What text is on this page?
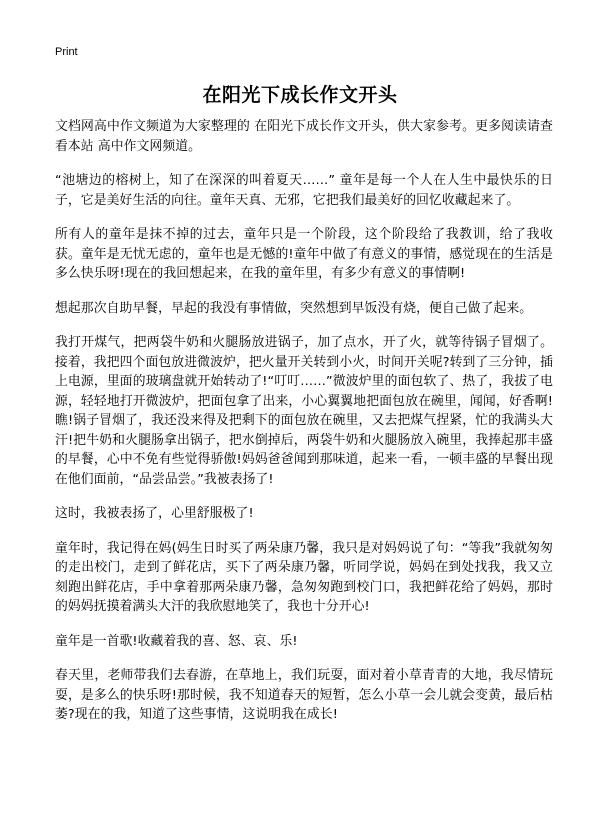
Print
在阳光下成长作文开头

文档网高中作文频道为大家整理的 在阳光下成长作文开头，供大家参考。更多阅读请查看本站 高中作文网频道。

“池塘边的榕树上，知了在深深的叫着夏天……” 童年是每一个人在人生中最快乐的日子，它是美好生活的向往。童年天真、无邪，它把我们最美好的回忆收藏起来了。

所有人的童年是抹不掉的过去，童年只是一个阶段，这个阶段给了我教训，给了我收获。童年是无忧无虑的，童年也是无憾的!童年中做了有意义的事情，感觉现在的生活是多么快乐呀!现在的我回想起来，在我的童年里，有多少有意义的事情啊!

想起那次自助早餐，早起的我没有事情做，突然想到早饭没有烧，便自己做了起来。

我打开煤气，把两袋牛奶和火腿肠放进锅子，加了点水，开了火，就等待锅子冒烟了。接着，我把四个面包放进微波炉，把火量开关转到小火，时间开关呢?转到了三分钟，插上电源，里面的玻璃盘就开始转动了!“叮叮……”微波炉里的面包软了、热了，我拔了电源，轻轻地打开微波炉，把面包拿了出来，小心翼翼地把面包放在碗里，闻闻，好香啊!瞧!锅子冒烟了，我还没来得及把剩下的面包放在碗里，又去把煤气捏紧，忙的我满头大汗!把牛奶和火腿肠拿出锅子，把水倒掉后，两袋牛奶和火腿肠放入碗里，我捧起那丰盛的早餐，心中不免有些觉得骄傲!妈妈爸爸闻到那味道，起来一看，一顿丰盛的早餐出现在他们面前，“品尝品尝。”我被表扬了!

这时，我被表扬了，心里舒服极了!

童年时，我记得在妈(妈生日时买了两朵康乃馨，我只是对妈妈说了句：“等我”我就匆匆的走出校门，走到了鲜花店，买下了两朵康乃馨，听同学说，妈妈在到处找我，我又立刻跑出鲜花店，手中拿着那两朵康乃馨，急匆匆跑到校门口，我把鲜花给了妈妈，那时的妈妈抚摸着满头大汗的我欣慰地笑了，我也十分开心!

童年是一首歌!收藏着我的喜、怒、哀、乐!

春天里，老师带我们去春游，在草地上，我们玩耍，面对着小草青青的大地，我尽情玩耍，是多么的快乐呀!那时候，我不知道春天的短暂，怎么小草一会儿就会变黄，最后枯萎?现在的我，知道了这些事情，这说明我在成长!
